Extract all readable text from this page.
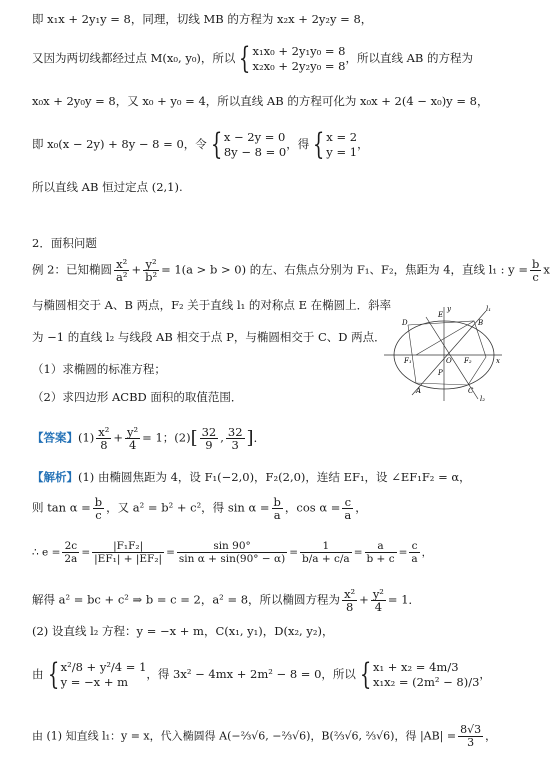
即 x₁x + 2y₁y = 8，同理，切线 MB 的方程为 x₂x + 2y₂y = 8，
又因为两切线都经过点 M(x₀, y₀)，所以 { x₁x₀ + 2y₁y₀ = 8
x₂x₀ + 2y₂y₀ = 8
，所以直线 AB 的方程为
x₀x + 2y₀y = 8，又 x₀ + y₀ = 4，所以直线 AB 的方程可化为 x₀x + 2(4 − x₀)y = 8，
即 x₀(x − 2y) + 8y − 8 = 0，令 { x − 2y = 0
8y − 8 = 0
，得 { x = 2
y = 1
，
所以直线 AB 恒过定点 (2,1).
2．面积问题
例 2：已知椭圆 $\frac{\text{x²}}{\text{a²}} + \frac{\text{y²}}{\text{b²}} = 1(a > b > 0)$ 的左、右焦点分别为 F₁、F₂，焦距为 4，直线 l₁ : $y = \frac{b}{c}$ x
与椭圆相交于 A、B 两点，F₂ 关于直线 l₁ 的对称点 E 在椭圆上．斜率
为 −1 的直线 l₂ 与线段 AB 相交于点 P，与椭圆相交于 C、D 两点．
（1）求椭圆的标准方程；
（2）求四边形 ACBD 面积的取值范围．
D
E
B
F₁	O F₂	x
y
P
A	C
l₁
l₂
【答案】$(1) \frac{\text{x²}}{8} + \frac{\text{y²}}{4} = 1$；$(2)[ \frac{32}{9}$ , $\frac{32}{3}$ ]．
【解析】(1) 由椭圆焦距为 4，设 F₁(−2,0)，F₂(2,0)，连结 EF₁，设 ∠EF₁F₂ = α，
则 $\tan \alpha = \frac{b}{c}$ ，又 a² = b² + c²，得 $\sin \alpha = \frac{b}{a}$ ，$\cos \alpha = \frac{c}{a}$ ，
∴ $e = \frac{2c}{2a} = \frac{\text{|F₁F₂|}}{\text{|EF₁| + |EF₂|}} = \frac{\sin 90^\circ}{\text{sin α + sin(90° − α)}} = \frac{1}{b/a + c/a} = \frac{a}{b + c} = \frac{c}{a}$ ，
解得 a² = bc + c² ⇒ b = c = 2，a² = 8，所以椭圆方程为 $\frac{\text{x²}}{8} + \frac{\text{y²}}{4} = 1$．
(2) 设直线 l₂ 方程：y = −x + m，C(x₁, y₁)，D(x₂, y₂)，
由 { x²/8 + y²/4 = 1
y = −x + m
，得 3x² − 4mx + 2m² − 8 = 0，所以 { x₁ + x₂ = 4m/3
x₁x₂ = (2m² − 8)/3
，
由 (1) 知直线 l₁：y = x，代入椭圆得 A(−⅔√6, −⅔√6)，B(⅔√6, ⅔√6)，得 $|AB| = \frac{8√3}{3}$ ，
